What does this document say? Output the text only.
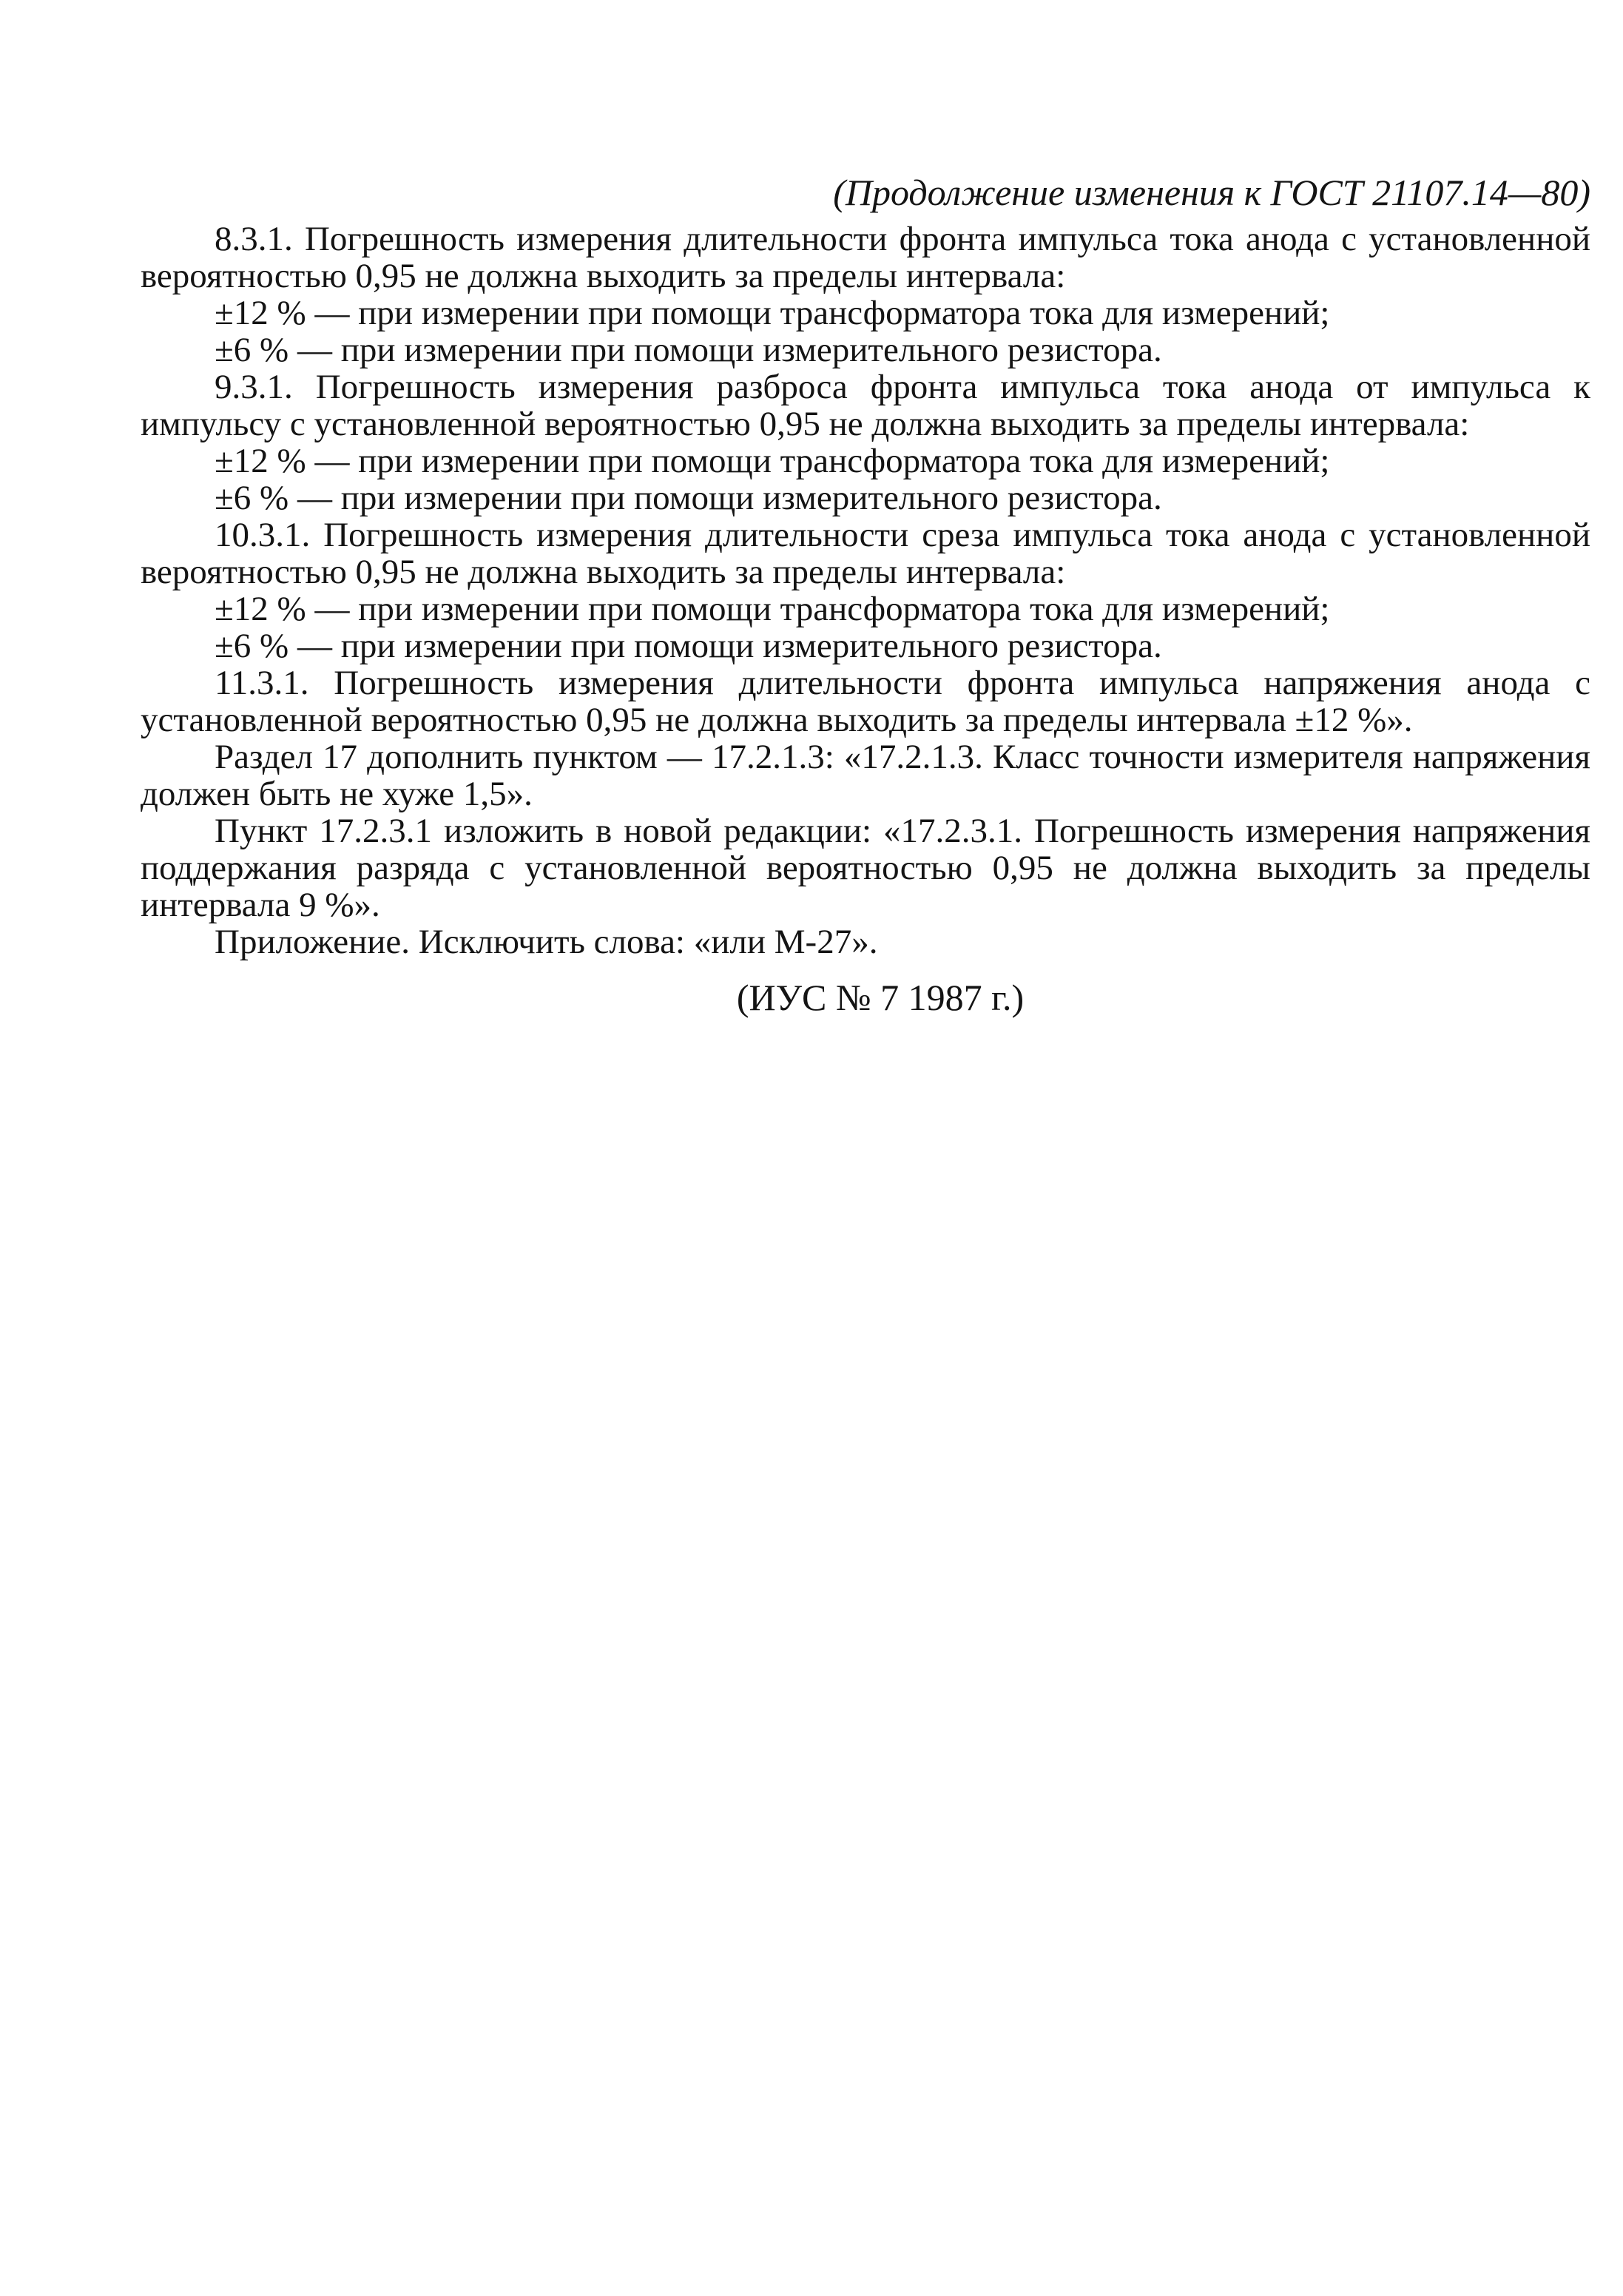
(Продолжение изменения к ГОСТ 21107.14—80)

8.3.1. Погрешность измерения длительности фронта импульса тока анода с установленной вероятностью 0,95 не должна выходить за пределы интервала:

±12 % — при измерении при помощи трансформатора тока для измерений;

±6 % — при измерении при помощи измерительного резистора.

9.3.1. Погрешность измерения разброса фронта импульса тока анода от импульса к импульсу с установленной вероятностью 0,95 не должна выходить за пределы интервала:

±12 % — при измерении при помощи трансформатора тока для измерений;

±6 % — при измерении при помощи измерительного резистора.

10.3.1. Погрешность измерения длительности среза импульса тока анода с установленной вероятностью 0,95 не должна выходить за пределы интервала:

±12 % — при измерении при помощи трансформатора тока для измерений;

±6 % — при измерении при помощи измерительного резистора.

11.3.1. Погрешность измерения длительности фронта импульса напряжения анода с установленной вероятностью 0,95 не должна выходить за пределы интервала ±12 %».

Раздел 17 дополнить пунктом — 17.2.1.3: «17.2.1.3. Класс точности измерителя напряжения должен быть не хуже 1,5».

Пункт 17.2.3.1 изложить в новой редакции: «17.2.3.1. Погрешность измерения напряжения поддержания разряда с установленной вероятностью 0,95 не должна выходить за пределы интервала 9 %».

Приложение. Исключить слова: «или М-27».

(ИУС № 7 1987 г.)
